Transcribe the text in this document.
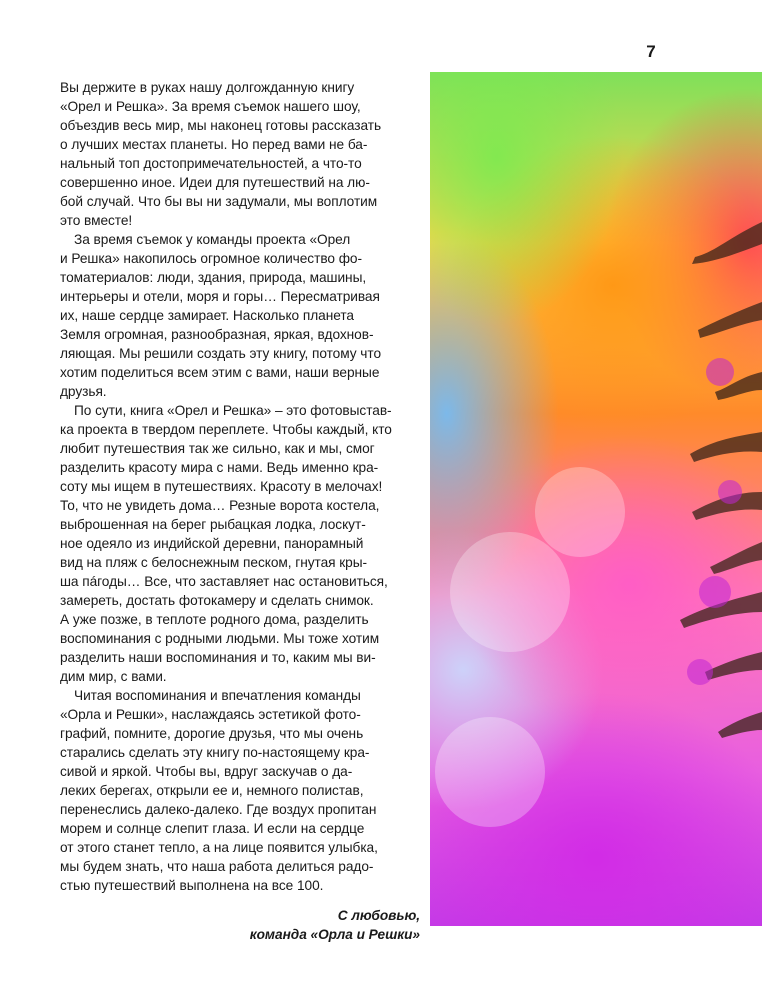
7
Вы держите в руках нашу долгожданную книгу
«Орел и Решка». За время съемок нашего шоу,
объездив весь мир, мы наконец готовы рассказать
о лучших местах планеты. Но перед вами не ба-
нальный топ достопримечательностей, а что-то
совершенно иное. Идеи для путешествий на лю-
бой случай. Что бы вы ни задумали, мы воплотим
это вместе!
За время съемок у команды проекта «Орел
и Решка» накопилось огромное количество фо-
томатериалов: люди, здания, природа, машины,
интерьеры и отели, моря и горы… Пересматривая
их, наше сердце замирает. Насколько планета
Земля огромная, разнообразная, яркая, вдохнов-
ляющая. Мы решили создать эту книгу, потому что
хотим поделиться всем этим с вами, наши верные
друзья.
По сути, книга «Орел и Решка» – это фотовыстав-
ка проекта в твердом переплете. Чтобы каждый, кто
любит путешествия так же сильно, как и мы, смог
разделить красоту мира с нами. Ведь именно кра-
соту мы ищем в путешествиях. Красоту в мелочах!
То, что не увидеть дома… Резные ворота костела,
выброшенная на берег рыбацкая лодка, лоскут-
ное одеяло из индийской деревни, панорамный
вид на пляж с белоснежным песком, гнутая кры-
ша пáгоды… Все, что заставляет нас остановиться,
замереть, достать фотокамеру и сделать снимок.
А уже позже, в теплоте родного дома, разделить
воспоминания с родными людьми. Мы тоже хотим
разделить наши воспоминания и то, каким мы ви-
дим мир, с вами.
Читая воспоминания и впечатления команды
«Орла и Решки», наслаждаясь эстетикой фото-
графий, помните, дорогие друзья, что мы очень
старались сделать эту книгу по-настоящему кра-
сивой и яркой. Чтобы вы, вдруг заскучав о да-
леких берегах, открыли ее и, немного полистав,
перенеслись далеко-далеко. Где воздух пропитан
морем и солнце слепит глаза. И если на сердце
от этого станет тепло, а на лице появится улыбка,
мы будем знать, что наша работа делиться радо-
стью путешествий выполнена на все 100.
С любовью,
команда «Орла и Решки»
